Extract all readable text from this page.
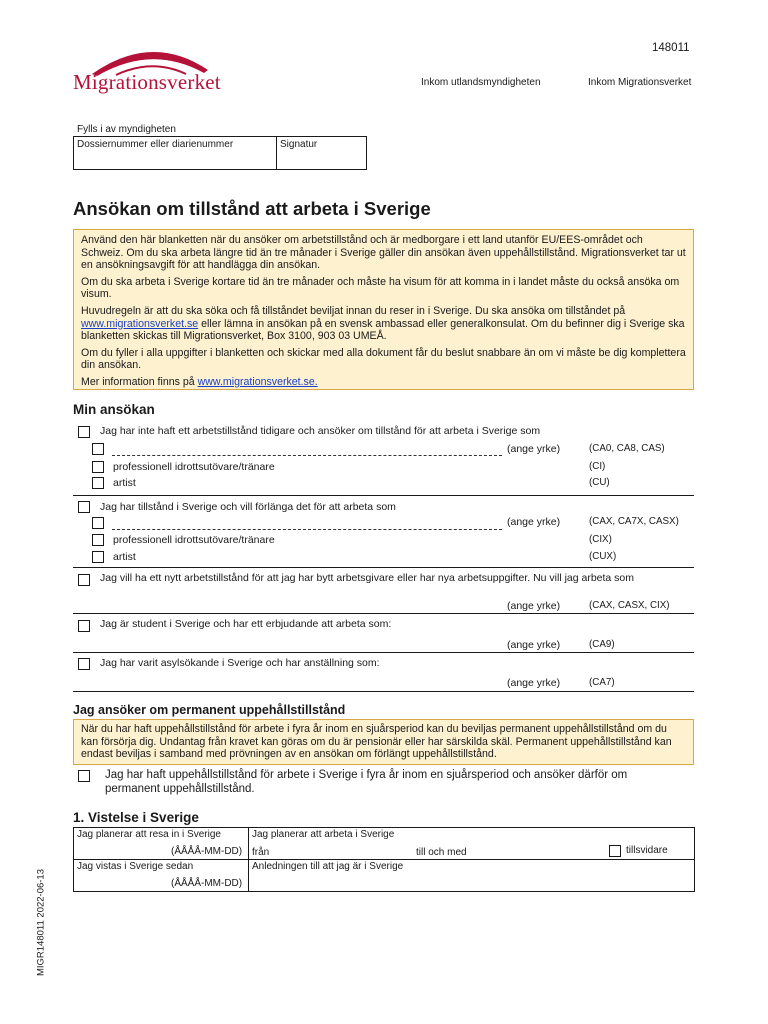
Migrationsverket
148011
Inkom utlandsmyndigheten	Inkom Migrationsverket
Fylls i av myndigheten
Dossiernummer eller diarienummer	Signatur
Ansökan om tillstånd att arbeta i Sverige

Använd den här blanketten när du ansöker om arbetstillstånd och är medborgare i ett land utanför EU/EES-området och Schweiz. Om du ska arbeta längre tid än tre månader i Sverige gäller din ansökan även uppehållstillstånd. Migrationsverket tar ut en ansökningsavgift för att handlägga din ansökan.

Om du ska arbeta i Sverige kortare tid än tre månader och måste ha visum för att komma in i landet måste du också ansöka om visum.

Huvudregeln är att du ska söka och få tillståndet beviljat innan du reser in i Sverige. Du ska ansöka om tillståndet på www.migrationsverket.se eller lämna in ansökan på en svensk ambassad eller generalkonsulat. Om du befinner dig i Sverige ska blanketten skickas till Migrationsverket, Box 3100, 903 03 UMEÅ.

Om du fyller i alla uppgifter i blanketten och skickar med alla dokument får du beslut snabbare än om vi måste be dig komplettera din ansökan.

Mer information finns på www.migrationsverket.se.

Min ansökan
Jag har inte haft ett arbetstillstånd tidigare och ansöker om tillstånd för att arbeta i Sverige som
(ange yrke)	(CA0, CA8, CAS)
professionell idrottsutövare/tränare	(CI)
artist	(CU)
Jag har tillstånd i Sverige och vill förlänga det för att arbeta som
(ange yrke)	(CAX, CA7X, CASX)
professionell idrottsutövare/tränare	(CIX)
artist	(CUX)
Jag vill ha ett nytt arbetstillstånd för att jag har bytt arbetsgivare eller har nya arbetsuppgifter. Nu vill jag arbeta som
(ange yrke)	(CAX, CASX, CIX)
Jag är student i Sverige och har ett erbjudande att arbeta som:
(ange yrke)	(CA9)
Jag har varit asylsökande i Sverige och har anställning som:
(ange yrke)	(CA7)
Jag ansöker om permanent uppehållstillstånd

När du har haft uppehållstillstånd för arbete i fyra år inom en sjuårsperiod kan du beviljas permanent uppehållstillstånd om du kan försörja dig. Undantag från kravet kan göras om du är pensionär eller har särskilda skäl. Permanent uppehållstillstånd kan endast beviljas i samband med prövningen av en ansökan om förlängt uppehållstillstånd.

Jag har haft uppehållstillstånd för arbete i Sverige i fyra år inom en sjuårsperiod och ansöker därför om permanent uppehållstillstånd.
1. Vistelse i Sverige
Jag planerar att resa in i Sverige
(ÅÅÅÅ-MM-DD)
Jag planerar att arbeta i Sverige
från	till och med	tillsvidare
Jag vistas i Sverige sedan
(ÅÅÅÅ-MM-DD)
Anledningen till att jag är i Sverige
MIGR148011 2022-06-13
